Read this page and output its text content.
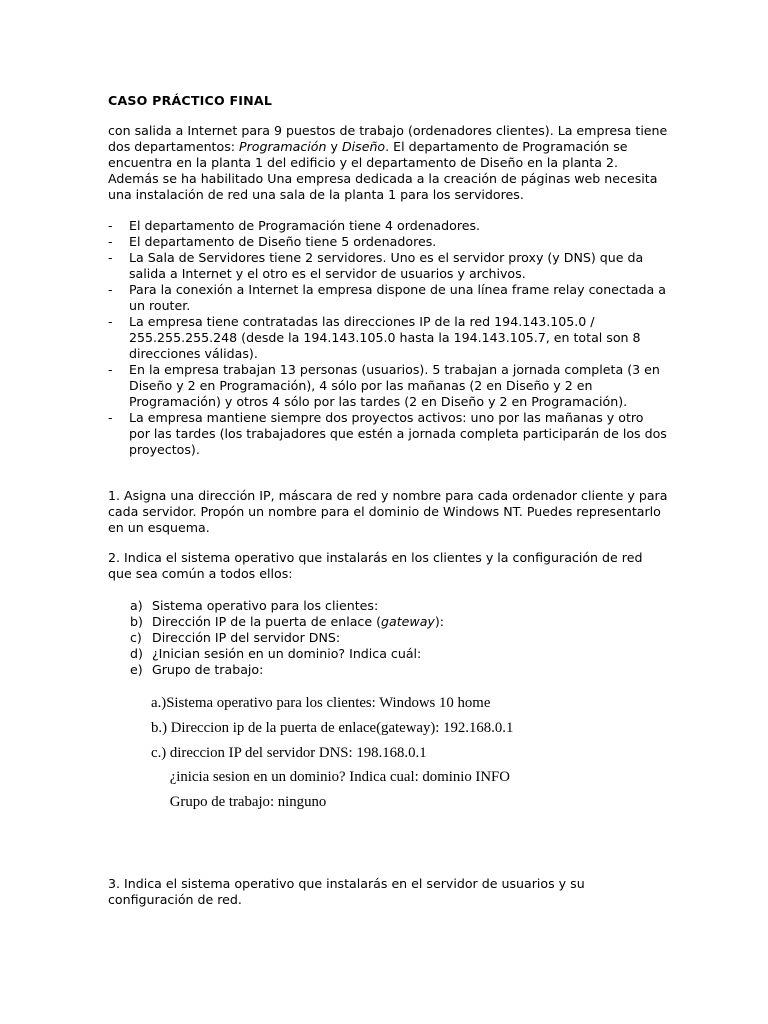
CASO PRÁCTICO FINAL

con salida a Internet para 9 puestos de trabajo (ordenadores clientes). La empresa tiene dos departamentos: Programación y Diseño. El departamento de Programación se encuentra en la planta 1 del edificio y el departamento de Diseño en la planta 2. Además se ha habilitado Una empresa dedicada a la creación de páginas web necesita una instalación de red una sala de la planta 1 para los servidores.

- El departamento de Programación tiene 4 ordenadores.
- El departamento de Diseño tiene 5 ordenadores.
- La Sala de Servidores tiene 2 servidores. Uno es el servidor proxy (y DNS) que da salida a Internet y el otro es el servidor de usuarios y archivos.
- Para la conexión a Internet la empresa dispone de una línea frame relay conectada a un router.
- La empresa tiene contratadas las direcciones IP de la red 194.143.105.0 / 255.255.255.248 (desde la 194.143.105.0 hasta la 194.143.105.7, en total son 8 direcciones válidas).
- En la empresa trabajan 13 personas (usuarios). 5 trabajan a jornada completa (3 en Diseño y 2 en Programación), 4 sólo por las mañanas (2 en Diseño y 2 en Programación) y otros 4 sólo por las tardes (2 en Diseño y 2 en Programación).
- La empresa mantiene siempre dos proyectos activos: uno por las mañanas y otro por las tardes (los trabajadores que estén a jornada completa participarán de los dos proyectos).

1. Asigna una dirección IP, máscara de red y nombre para cada ordenador cliente y para cada servidor. Propón un nombre para el dominio de Windows NT. Puedes representarlo en un esquema.

2. Indica el sistema operativo que instalarás en los clientes y la configuración de red que sea común a todos ellos:

a) Sistema operativo para los clientes:
b) Dirección IP de la puerta de enlace (gateway):
c) Dirección IP del servidor DNS:
d) ¿Inician sesión en un dominio? Indica cuál:
e) Grupo de trabajo:
a.)Sistema operativo para los clientes: Windows 10 home
b.) Direccion ip de la puerta de enlace(gateway): 192.168.0.1
c.) direccion IP del servidor DNS: 198.168.0.1
¿inicia sesion en un dominio? Indica cual: dominio INFO
Grupo de trabajo: ninguno

3. Indica el sistema operativo que instalarás en el servidor de usuarios y su configuración de red.
